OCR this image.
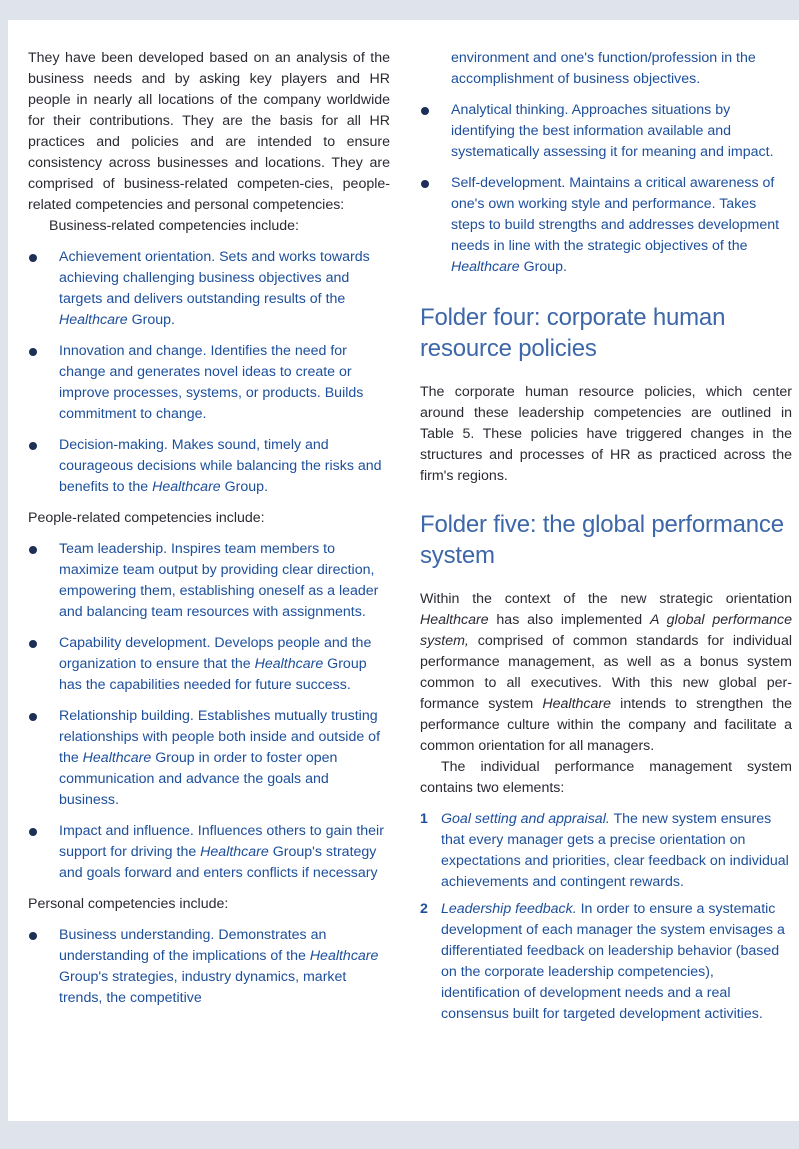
They have been developed based on an analysis of the business needs and by asking key players and HR people in nearly all locations of the company worldwide for their contributions. They are the basis for all HR practices and policies and are intended to ensure consistency across businesses and locations. They are comprised of business-related competen-cies, people-related competencies and personal competencies:

Business-related competencies include:

Achievement orientation. Sets and works towards achieving challenging business objectives and targets and delivers outstanding results of the Healthcare Group.
Innovation and change. Identifies the need for change and generates novel ideas to create or improve processes, systems, or products. Builds commitment to change.
Decision-making. Makes sound, timely and courageous decisions while balancing the risks and benefits to the Healthcare Group.

People-related competencies include:

Team leadership. Inspires team members to maximize team output by providing clear direction, empowering them, establishing oneself as a leader and balancing team resources with assignments.
Capability development. Develops people and the organization to ensure that the Healthcare Group has the capabilities needed for future success.
Relationship building. Establishes mutually trusting relationships with people both inside and outside of the Healthcare Group in order to foster open communication and advance the goals and business.
Impact and influence. Influences others to gain their support for driving the Healthcare Group's strategy and goals forward and enters conflicts if necessary

Personal competencies include:

Business understanding. Demonstrates an understanding of the implications of the Healthcare Group's strategies, industry dynamics, market trends, the competitive
environment and one's function/profession in the accomplishment of business objectives.
Analytical thinking. Approaches situations by identifying the best information available and systematically assessing it for meaning and impact.
Self-development. Maintains a critical awareness of one's own working style and performance. Takes steps to build strengths and addresses development needs in line with the strategic objectives of the Healthcare Group.
Folder four: corporate human resource policies

The corporate human resource policies, which center around these leadership competencies are outlined in Table 5. These policies have triggered changes in the structures and processes of HR as practiced across the firm's regions.

Folder five: the global performance system

Within the context of the new strategic orientation Healthcare has also implemented A global performance system, comprised of common standards for individual performance management, as well as a bonus system common to all executives. With this new global per-formance system Healthcare intends to strengthen the performance culture within the company and facilitate a common orientation for all managers.

The individual performance management system contains two elements:

1 Goal setting and appraisal. The new system ensures that every manager gets a precise orientation on expectations and priorities, clear feedback on individual achievements and contingent rewards.
2 Leadership feedback. In order to ensure a systematic development of each manager the system envisages a differentiated feedback on leadership behavior (based on the corporate leadership competencies), identification of development needs and a real consensus built for targeted development activities.
